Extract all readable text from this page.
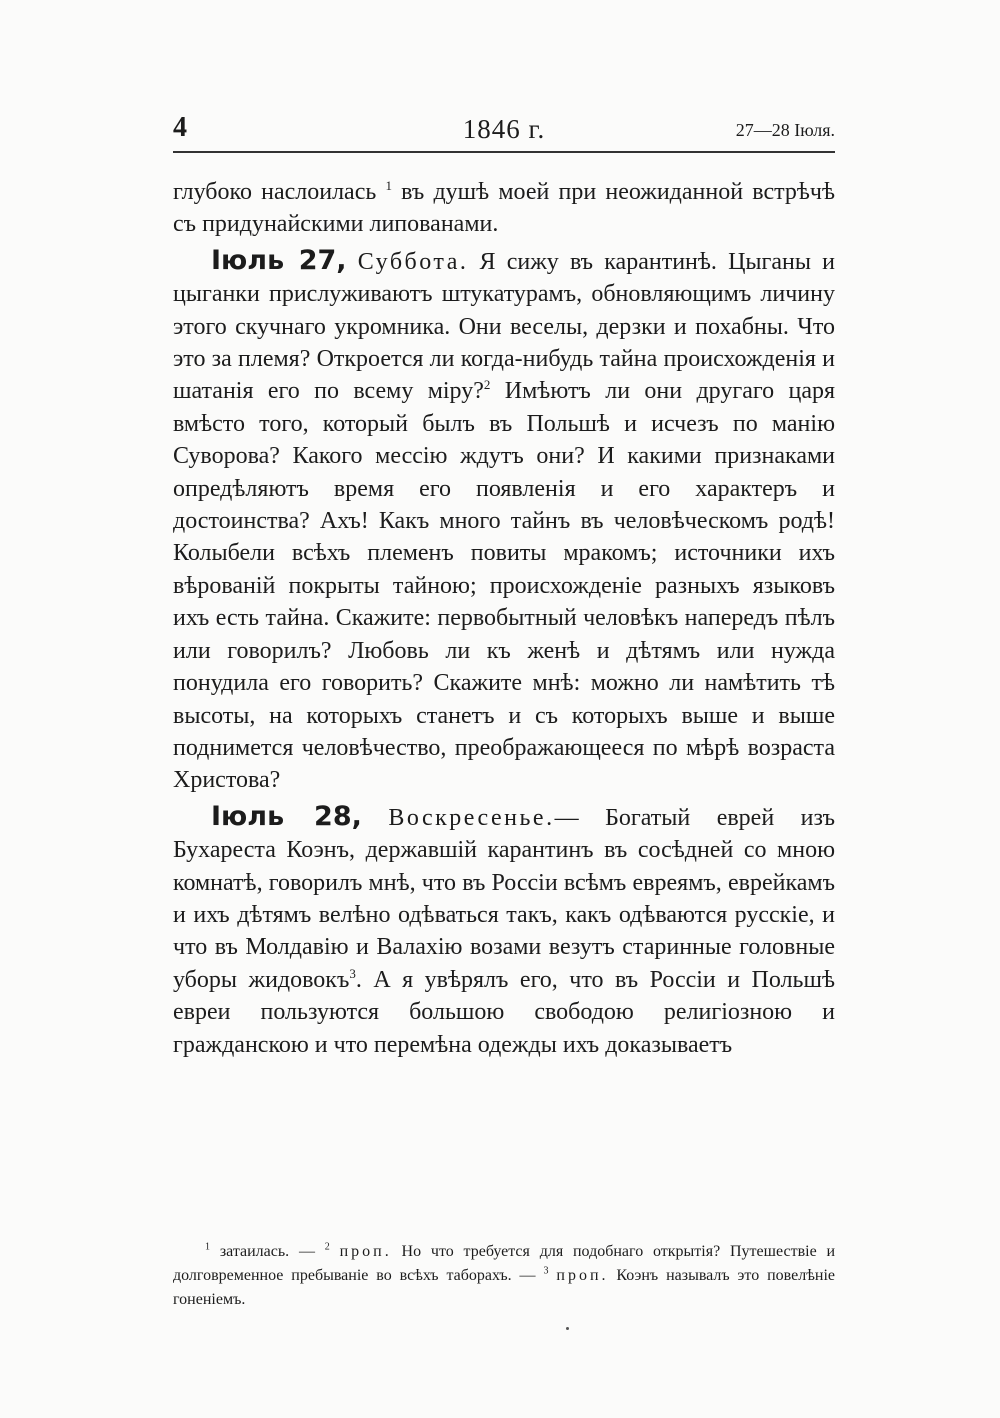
4	1846 г.	27—28 Іюля.

глубоко наслоилась $^1$ въ душѣ моей при неожиданной встрѣчѣ съ придунайскими липованами.

Іюль 27, Суббота. Я сижу въ карантинѣ. Цыганы и цыганки прислуживаютъ штукатурамъ, обновляющимъ личину этого скучнаго укромника. Они веселы, дерзки и похабны. Что это за племя? Откроется ли когда-нибудь тайна происхожденія и шатанія его по всему міру?$^2$ Имѣютъ ли они другаго царя вмѣсто того, который былъ въ Польшѣ и исчезъ по манію Суворова? Какого мессію ждутъ они? И какими признаками опредѣляютъ время его появленія и его характеръ и достоинства? Ахъ! Какъ много тайнъ въ человѣческомъ родѣ! Колыбели всѣхъ племенъ повиты мракомъ; источники ихъ вѣрованій покрыты тайною; происхожденіе разныхъ языковъ ихъ есть тайна. Скажите: первобытный человѣкъ напередъ пѣлъ или говорилъ? Любовь ли къ женѣ и дѣтямъ или нужда понудила его говорить? Скажите мнѣ: можно ли намѣтить тѣ высоты, на которыхъ станетъ и съ которыхъ выше и выше поднимется человѣчество, преображающееся по мѣрѣ возраста Христова?

Іюль 28, Воскресенье.— Богатый еврей изъ Бухареста Коэнъ, державшій карантинъ въ сосѣдней со мною комнатѣ, говорилъ мнѣ, что въ Россіи всѣмъ евреямъ, еврейкамъ и ихъ дѣтямъ велѣно одѣваться такъ, какъ одѣваются русскіе, и что въ Молдавію и Валахію возами везутъ старинные головные уборы жидовокъ$^3$. А я увѣрялъ его, что въ Россіи и Польшѣ евреи пользуются большою свободою религіозною и гражданскою и что перемѣна одежды ихъ доказываетъ

$^1$ затаилась. — $^2$ проп. Но что требуется для подобнаго открытія? Путешествіе и долговременное пребываніе во всѣхъ таборахъ. — $^3$ проп. Коэнъ называлъ это повелѣніе гоненіемъ.
